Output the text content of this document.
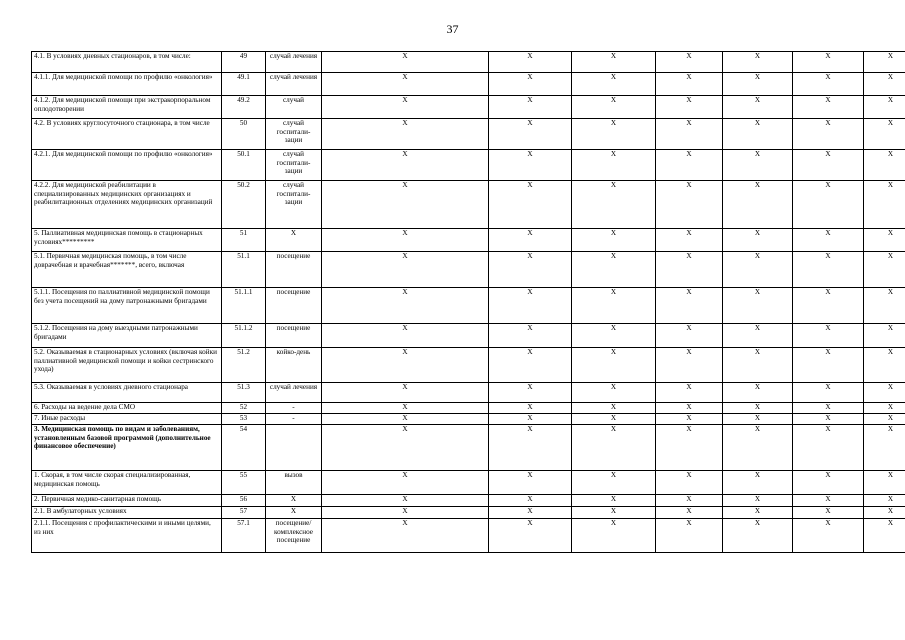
37
4.1. В условиях дневных стационаров, в том числе:	49	случай лечения	X	X	X	X	X	X	X
4.1.1. Для медицинской помощи по профилю «онкология»	49.1	случай лечения	X	X	X	X	X	X	X
4.1.2. Для медицинской помощи при экстракорпоральном оплодотворении	49.2	случай	X	X	X	X	X	X	X
4.2. В условиях круглосуточного стационара, в том числе	50	случай госпитали-зации	X	X	X	X	X	X	X
4.2.1. Для медицинской помощи по профилю «онкология»	50.1	случай госпитали-зации	X	X	X	X	X	X	X
4.2.2. Для медицинской реабилитации в специализированных медицинских организациях и реабилитационных отделениях медицинских организаций	50.2	случай госпитали-зации	X	X	X	X	X	X	X
5. Паллиативная медицинская помощь в стационарных условиях*********	51	X	X	X	X	X	X	X	X
5.1. Первичная медицинская помощь, в том числе доврачебная и врачебная*******, всего, включая	51.1	посещение	X	X	X	X	X	X	X
5.1.1. Посещения по паллиативной медицинской помощи без учета посещений на дому патронажными бригадами	51.1.1	посещение	X	X	X	X	X	X	X
5.1.2. Посещения на дому выездными патронажными бригадами	51.1.2	посещение	X	X	X	X	X	X	X
5.2. Оказываемая в стационарных условиях (включая койки паллиативной медицинской помощи и койки сестринского ухода)	51.2	койко-день	X	X	X	X	X	X	X
5.3. Оказываемая в условиях дневного стационара	51.3	случай лечения	X	X	X	X	X	X	X
6. Расходы на ведение дела СМО	52	-	X	X	X	X	X	X	X
7. Иные расходы	53	-	X	X	X	X	X	X	X
3. Медицинская помощь по видам и заболеваниям, установленным базовой программой (дополнительное финансовое обеспечение)	54		X	X	X	X	X	X	X
1. Скорая, в том числе скорая специализированная, медицинская помощь	55	вызов	X	X	X	X	X	X	X
2. Первичная медико-санитарная помощь	56	X	X	X	X	X	X	X	X
2.1. В амбулаторных условиях	57	X	X	X	X	X	X	X	X
2.1.1. Посещения с профилактическими и иными целями, из них	57.1	посещение/ комплексное посещение	X	X	X	X	X	X	X
